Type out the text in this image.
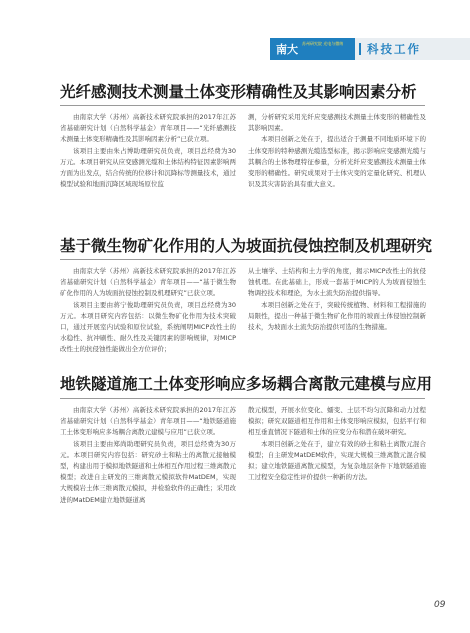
南大 苏州研究院 光电与微纳	科技工作
光纤感测技术测量土体变形精确性及其影响因素分析

由南京大学（苏州）高新技术研究院承担的2017年江苏省基础研究计划（自然科学基金）青年项目——“光纤感测技术测量土体变形精确性及其影响因素分析”已获立项。

该项目主要由朱占博助理研究员负责，项目总经费为30万元。本项目研究从应变感测光缆和土体结构特征因素影响两方面为出发点，结合传统的位移计和沉降标等测量技术，通过模型试验和地面沉降区域现场原位监

测，分析研究采用光纤应变感测技术测量土体变形的精确性及其影响因素。

本项目创新之处在于，提出适合于测量不同地质环境下的土体变形的特种感测光缆选型标准，揭示影响应变感测光缆与其耦合的土体物理特征参量，分析光纤应变感测技术测量土体变形的精确性。研究成果对于土体灾变的定量化研究、机理认识及其灾害防治具有重大意义。

基于微生物矿化作用的人为坡面抗侵蚀控制及机理研究

由南京大学（苏州）高新技术研究院承担的2017年江苏省基础研究计划（自然科学基金）青年项目——“基于微生物矿化作用的人为坡面抗侵蚀控制及机理研究”已获立项。

该项目主要由蒋宁俊助理研究员负责，项目总经费为30万元。本项目研究内容包括：以微生物矿化作用为技术突破口，通过开展室内试验和原位试验，系统阐明MICP改性土的水稳性、抗冲刷性、耐久性及关键因素的影响规律，对MICP改性土的抗侵蚀性能做出全方位评价；

从土壤学、土结构和土力学的角度，揭示MICP改性土的抗侵蚀机理。在此基础上，形成一套基于MICP的人为坡面侵蚀生物调控技术和理论，为水土流失防治提供指导。

本项目创新之处在于，突破传统植物、材料和工程措施的局限性，提出一种基于微生物矿化作用的坡面土体侵蚀控制新技术，为坡面水土流失防治提供可选的生物措施。

地铁隧道施工土体变形响应多场耦合离散元建模与应用

由南京大学（苏州）高新技术研究院承担的2017年江苏省基础研究计划（自然科学基金）青年项目——“地铁隧道施工土体变形响应多场耦合离散元建模与应用”已获立项。

该项目主要由郑尚助理研究员负责，项目总经费为30万元。本项目研究内容包括：研究砂土和粘土的离散元接触模型，构建出用于模拟地铁隧道和土体相互作用过程三维离散元模型；改进自主研发的三维离散元模拟软件MatDEM，实现大规模岩土体三维离散元模拟，并检验软件的正确性；采用改进的MatDEM建立地铁隧道离

散元模型，开展水位变化、蠕变、土层不均匀沉降和动力过程模拟；研究双隧道相互作用和土体变形响应模拟，包括平行和相互垂直情况下隧道和土体的应变分布和潜在破坏研究。

本项目创新之处在于，建立有效的砂土和粘土离散元混合模型；自主研发MatDEM软件，实现大规模三维离散元混合模拟；建立地铁隧道离散元模型，为复杂地层条件下地铁隧道施工过程安全稳定性评价提供一种新的方法。

09
